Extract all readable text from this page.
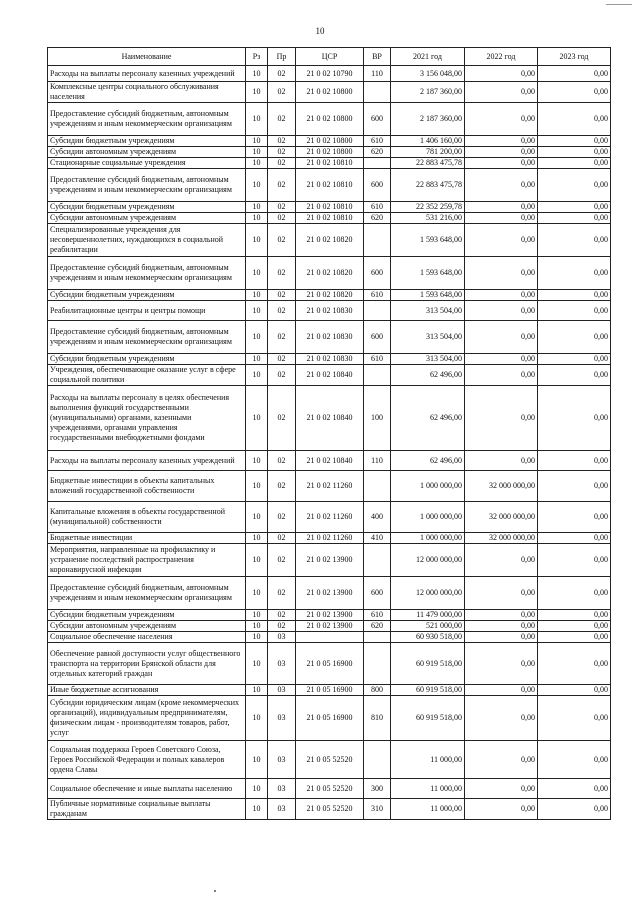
10
Наименование	Рз	Пр	ЦСР	ВР	2021 год	2022 год	2023 год
Расходы на выплаты персоналу казенных учреждений	10	02	21 0 02 10790	110	3 156 048,00	0,00	0,00
Комплексные центры социального обслуживания населения	10	02	21 0 02 10800		2 187 360,00	0,00	0,00
Предоставление субсидий бюджетным, автономным учреждениям и иным некоммерческим организациям	10	02	21 0 02 10800	600	2 187 360,00	0,00	0,00
Субсидии бюджетным учреждениям	10	02	21 0 02 10800	610	1 406 160,00	0,00	0,00
Субсидии автономным учреждениям	10	02	21 0 02 10800	620	781 200,00	0,00	0,00
Стационарные социальные учреждения	10	02	21 0 02 10810		22 883 475,78	0,00	0,00
Предоставление субсидий бюджетным, автономным учреждениям и иным некоммерческим организациям	10	02	21 0 02 10810	600	22 883 475,78	0,00	0,00
Субсидии бюджетным учреждениям	10	02	21 0 02 10810	610	22 352 259,78	0,00	0,00
Субсидии автономным учреждениям	10	02	21 0 02 10810	620	531 216,00	0,00	0,00
Специализированные учреждения для несовершеннолетних, нуждающихся в социальной реабилитации	10	02	21 0 02 10820		1 593 648,00	0,00	0,00
Предоставление субсидий бюджетным, автономным учреждениям и иным некоммерческим организациям	10	02	21 0 02 10820	600	1 593 648,00	0,00	0,00
Субсидии бюджетным учреждениям	10	02	21 0 02 10820	610	1 593 648,00	0,00	0,00
Реабилитационные центры и центры помощи	10	02	21 0 02 10830		313 504,00	0,00	0,00
Предоставление субсидий бюджетным, автономным учреждениям и иным некоммерческим организациям	10	02	21 0 02 10830	600	313 504,00	0,00	0,00
Субсидии бюджетным учреждениям	10	02	21 0 02 10830	610	313 504,00	0,00	0,00
Учреждения, обеспечивающие оказание услуг в сфере социальной политики	10	02	21 0 02 10840		62 496,00	0,00	0,00
Расходы на выплаты персоналу в целях обеспечения выполнения функций государственными (муниципальными) органами, казенными учреждениями, органами управления государственными внебюджетными фондами	10	02	21 0 02 10840	100	62 496,00	0,00	0,00
Расходы на выплаты персоналу казенных учреждений	10	02	21 0 02 10840	110	62 496,00	0,00	0,00
Бюджетные инвестиции в объекты капитальных вложений государственной собственности	10	02	21 0 02 11260		1 000 000,00	32 000 000,00	0,00
Капитальные вложения в объекты государственной (муниципальной) собственности	10	02	21 0 02 11260	400	1 000 000,00	32 000 000,00	0,00
Бюджетные инвестиции	10	02	21 0 02 11260	410	1 000 000,00	32 000 000,00	0,00
Мероприятия, направленные на профилактику и устранение последствий распространения коронавирусной инфекции	10	02	21 0 02 13900		12 000 000,00	0,00	0,00
Предоставление субсидий бюджетным, автономным учреждениям и иным некоммерческим организациям	10	02	21 0 02 13900	600	12 000 000,00	0,00	0,00
Субсидии бюджетным учреждениям	10	02	21 0 02 13900	610	11 479 000,00	0,00	0,00
Субсидии автономным учреждениям	10	02	21 0 02 13900	620	521 000,00	0,00	0,00
Социальное обеспечение населения	10	03			60 930 518,00	0,00	0,00
Обеспечение равной доступности услуг общественного транспорта на территории Брянской области для отдельных категорий граждан	10	03	21 0 05 16900		60 919 518,00	0,00	0,00
Иные бюджетные ассигнования	10	03	21 0 05 16900	800	60 919 518,00	0,00	0,00
Субсидии юридическим лицам (кроме некоммерческих организаций), индивидуальным предпринимателям, физическим лицам - производителям товаров, работ, услуг	10	03	21 0 05 16900	810	60 919 518,00	0,00	0,00
Социальная поддержка Героев Советского Союза, Героев Российской Федерации и полных кавалеров ордена Славы	10	03	21 0 05 52520		11 000,00	0,00	0,00
Социальное обеспечение и иные выплаты населению	10	03	21 0 05 52520	300	11 000,00	0,00	0,00
Публичные нормативные социальные выплаты гражданам	10	03	21 0 05 52520	310	11 000,00	0,00	0,00
